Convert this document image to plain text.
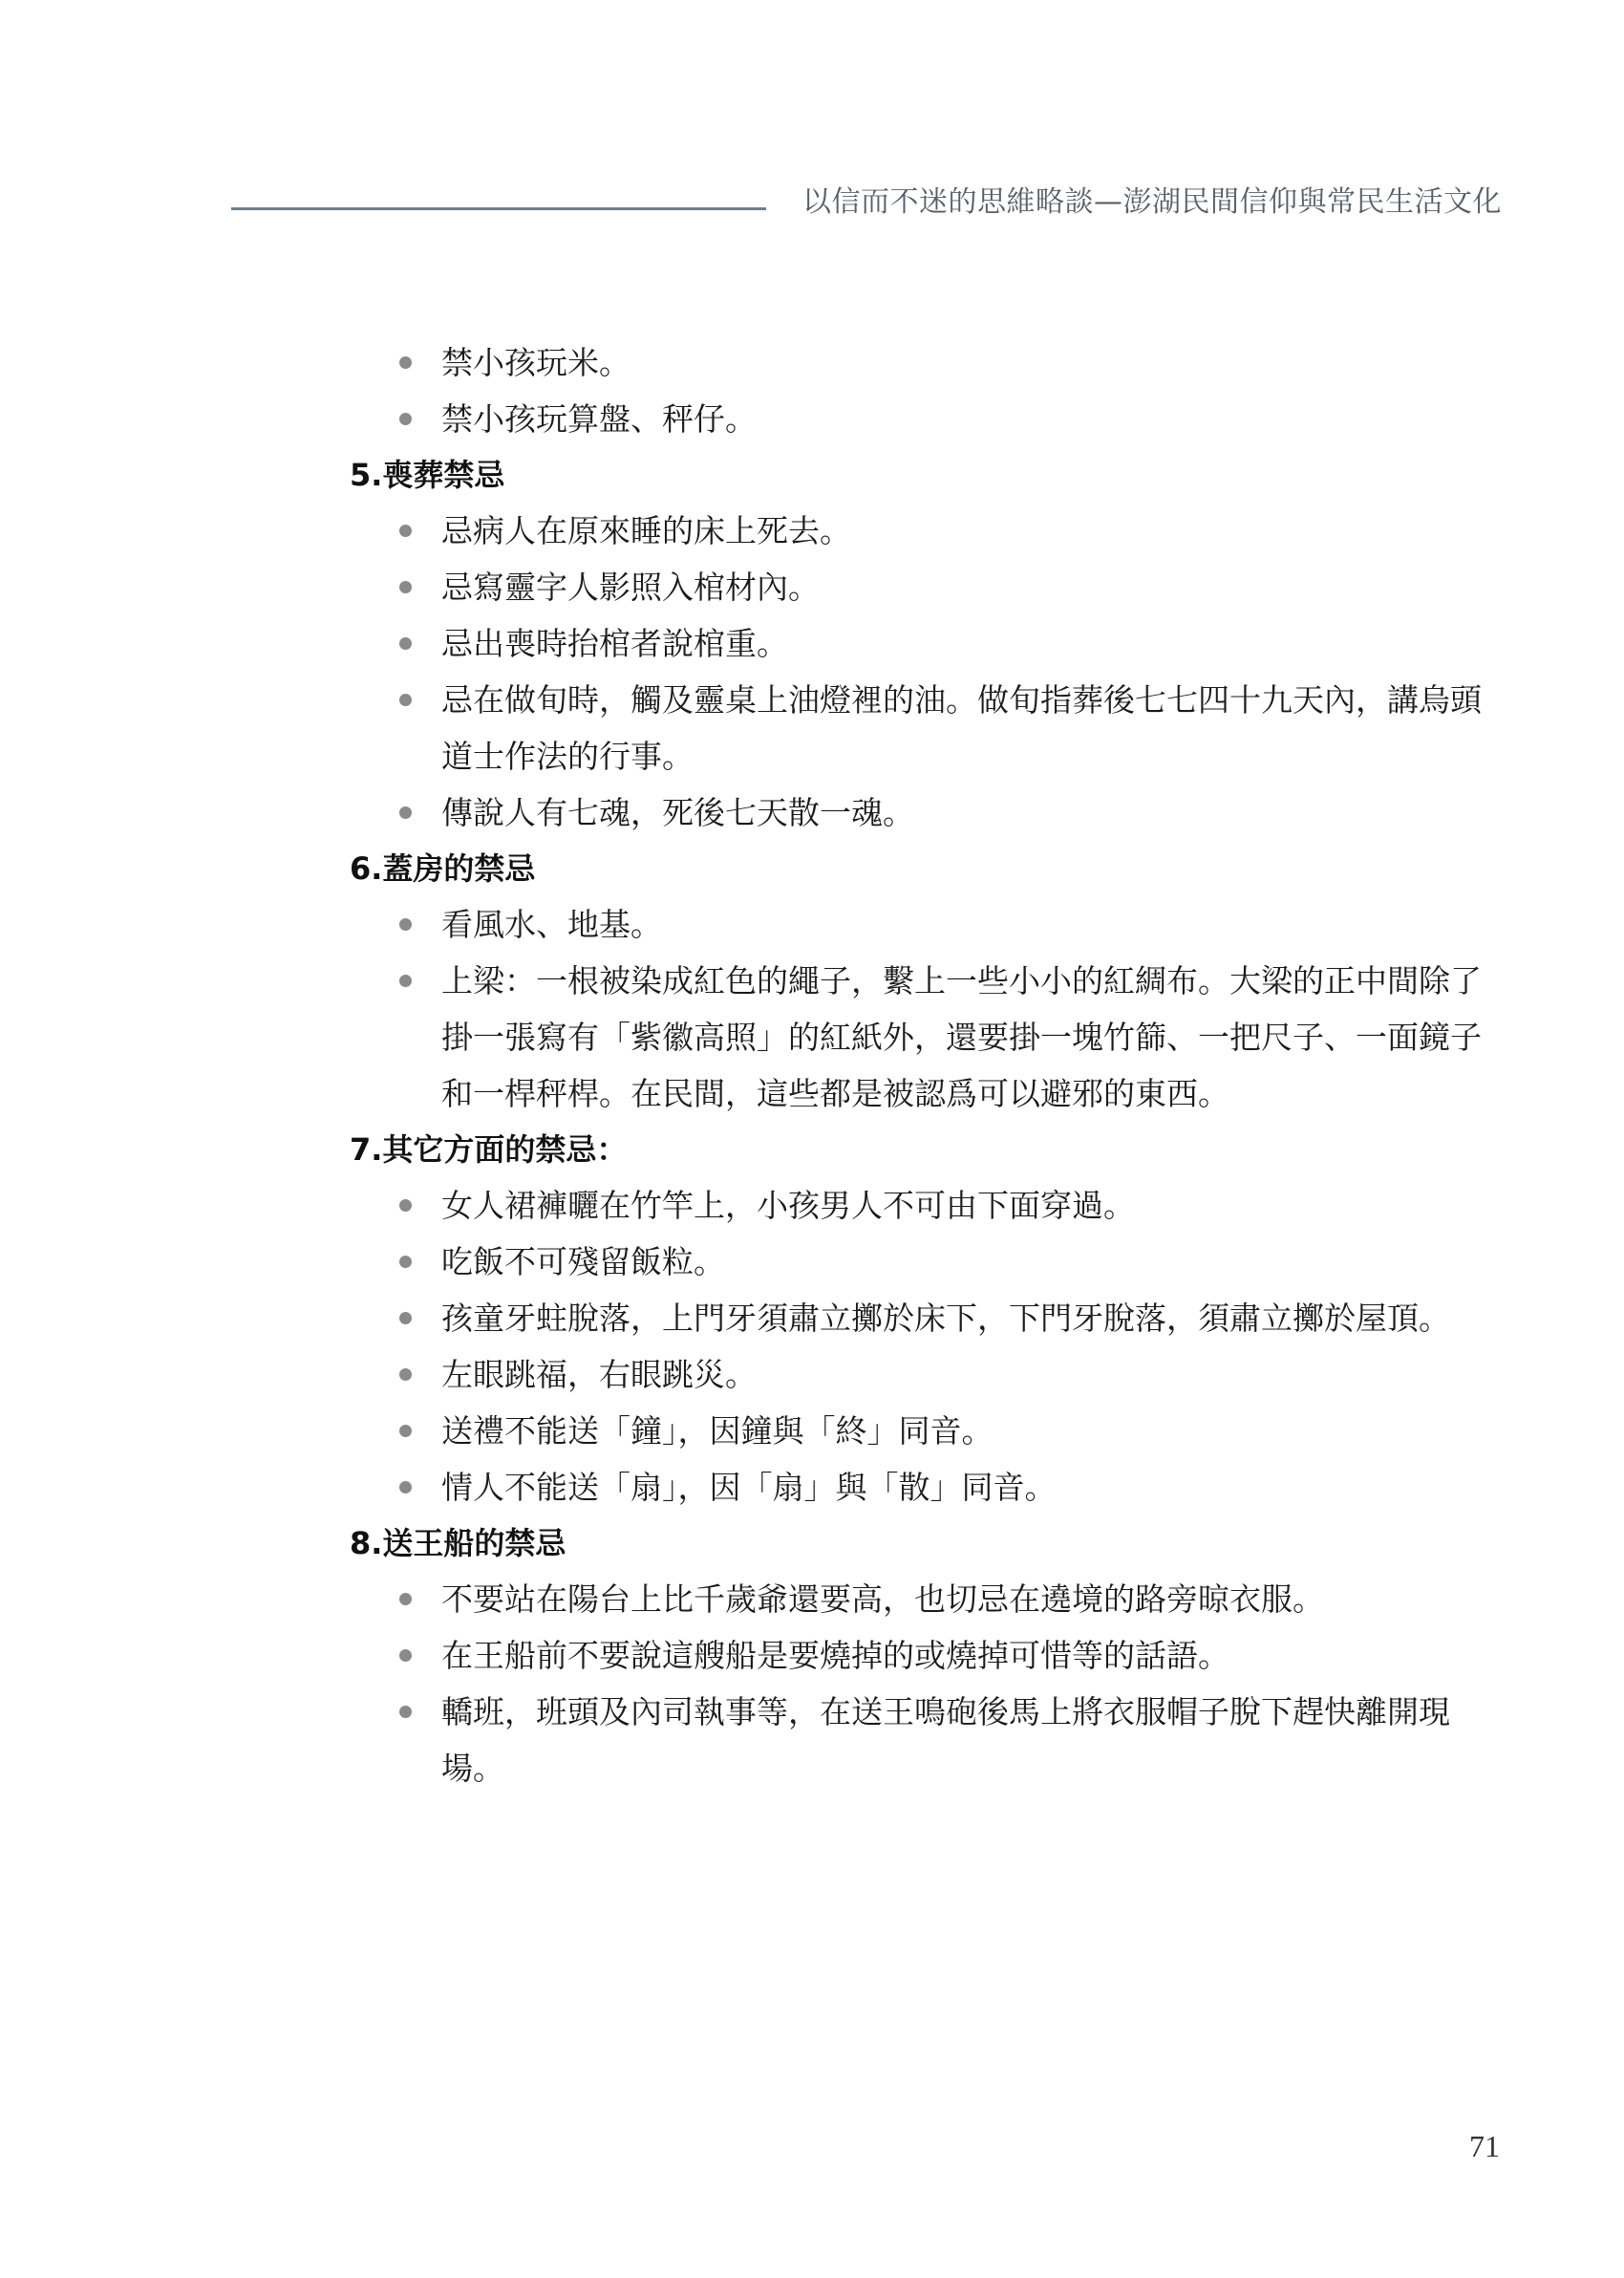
以信而不迷的思維略談—澎湖民間信仰與常民生活文化
禁小孩玩米。
禁小孩玩算盤、秤仔。
5.喪葬禁忌
忌病人在原來睡的床上死去。
忌寫靈字人影照入棺材內。
忌出喪時抬棺者說棺重。
忌在做旬時，觸及靈桌上油燈裡的油。做旬指葬後七七四十九天內，講烏頭道士作法的行事。
傳說人有七魂，死後七天散一魂。
6.蓋房的禁忌
看風水、地基。
上梁：一根被染成紅色的繩子，繫上一些小小的紅綢布。大梁的正中間除了掛一張寫有「紫徽高照」的紅紙外，還要掛一塊竹篩、一把尺子、一面鏡子和一桿秤桿。在民間，這些都是被認爲可以避邪的東西。
7.其它方面的禁忌：
女人裙褲曬在竹竿上，小孩男人不可由下面穿過。
吃飯不可殘留飯粒。
孩童牙蛀脫落，上門牙須肅立擲於床下，下門牙脫落，須肅立擲於屋頂。
左眼跳福，右眼跳災。
送禮不能送「鐘」，因鐘與「終」同音。
情人不能送「扇」，因「扇」與「散」同音。
8.送王船的禁忌
不要站在陽台上比千歲爺還要高，也切忌在遶境的路旁晾衣服。
在王船前不要說這艘船是要燒掉的或燒掉可惜等的話語。
轎班，班頭及內司執事等，在送王鳴砲後馬上將衣服帽子脫下趕快離開現場。
71
